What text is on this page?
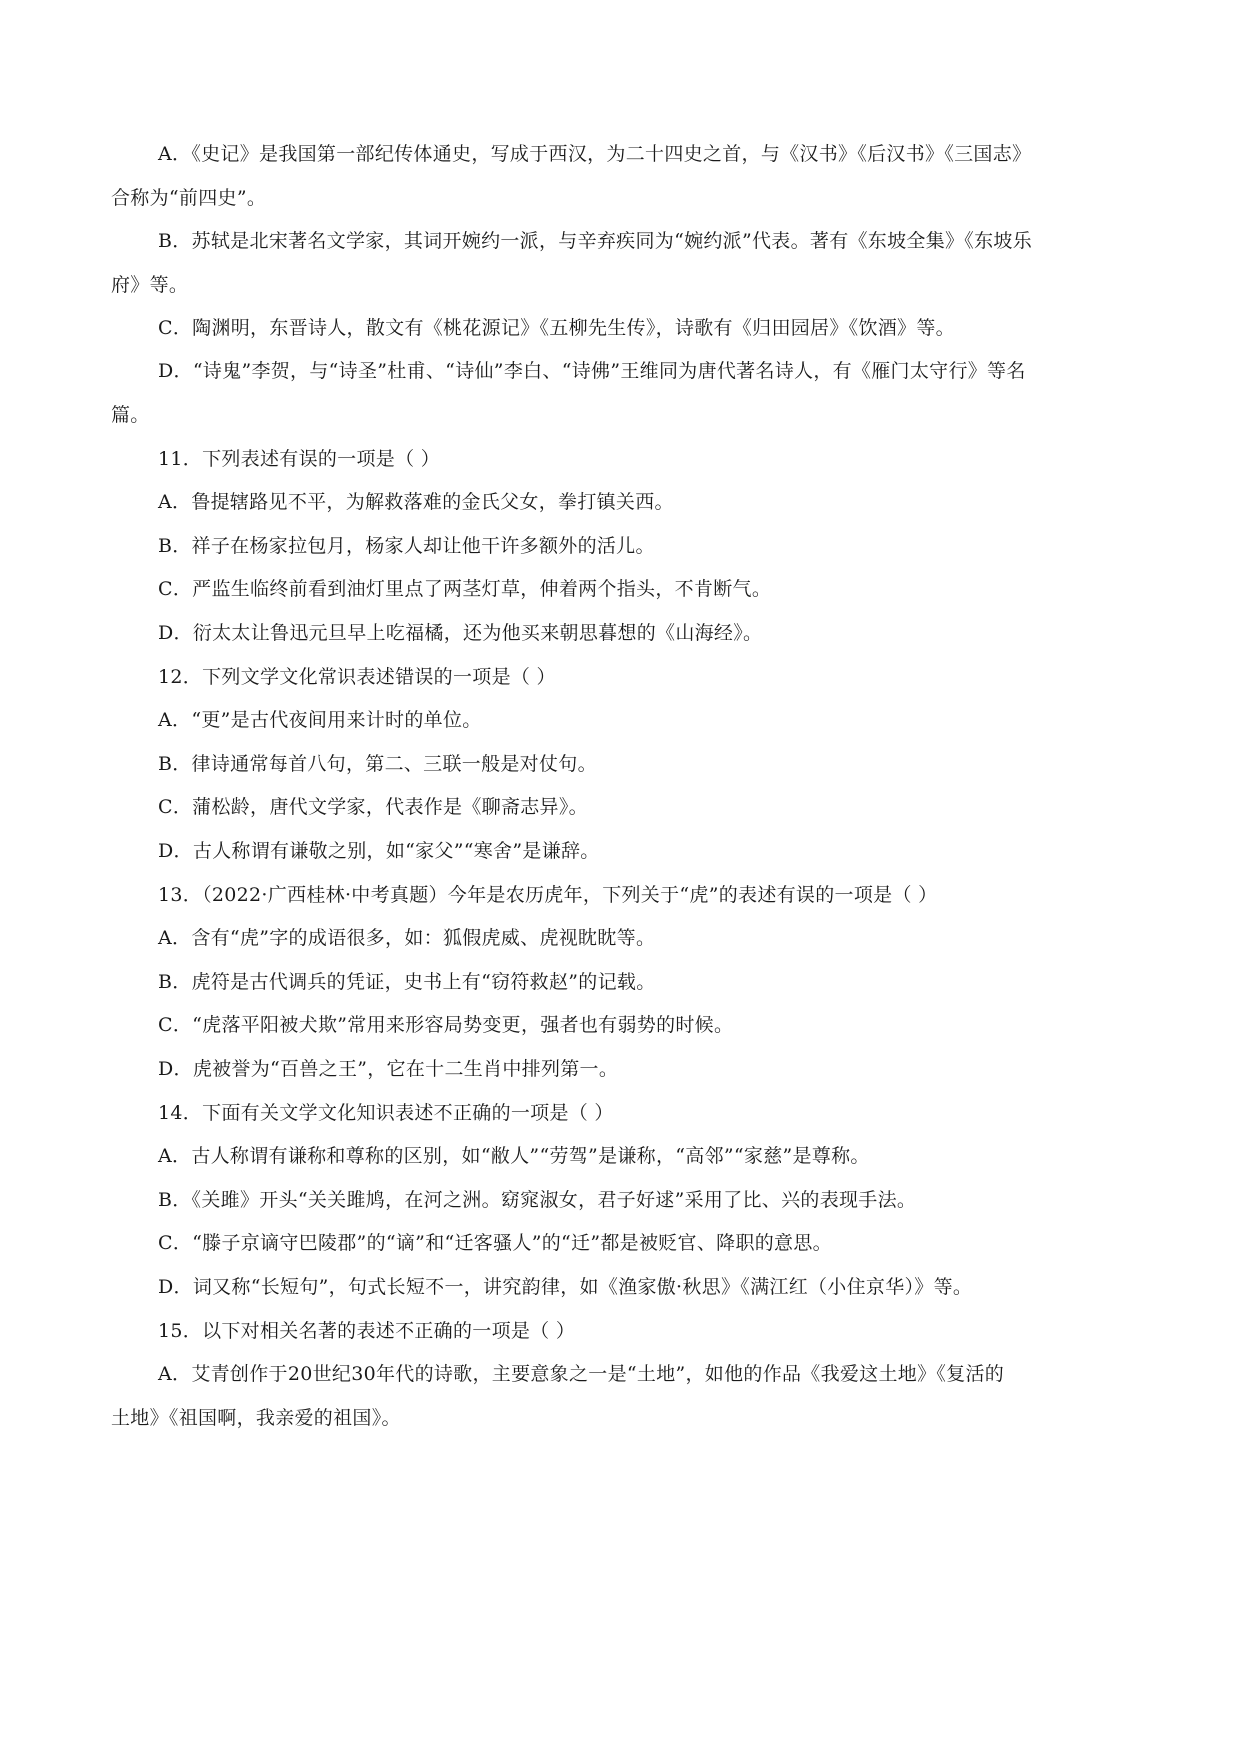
A．《史记》是我国第一部纪传体通史，写成于西汉，为二十四史之首，与《汉书》《后汉书》《三国志》
合称为“前四史”。
B．苏轼是北宋著名文学家，其词开婉约一派，与辛弃疾同为“婉约派”代表。著有《东坡全集》《东坡乐
府》等。
C．陶渊明，东晋诗人，散文有《桃花源记》《五柳先生传》，诗歌有《归田园居》《饮酒》等。
D．“诗鬼”李贺，与“诗圣”杜甫、“诗仙”李白、“诗佛”王维同为唐代著名诗人，有《雁门太守行》等名
篇。
11．下列表述有误的一项是（ ）
A．鲁提辖路见不平，为解救落难的金氏父女，拳打镇关西。
B．祥子在杨家拉包月，杨家人却让他干许多额外的活儿。
C．严监生临终前看到油灯里点了两茎灯草，伸着两个指头，不肯断气。
D．衍太太让鲁迅元旦早上吃福橘，还为他买来朝思暮想的《山海经》。
12．下列文学文化常识表述错误的一项是（ ）
A．“更”是古代夜间用来计时的单位。
B．律诗通常每首八句，第二、三联一般是对仗句。
C．蒲松龄，唐代文学家，代表作是《聊斋志异》。
D．古人称谓有谦敬之别，如“家父”“寒舍”是谦辞。
13．（2022·广西桂林·中考真题）今年是农历虎年，下列关于“虎”的表述有误的一项是（ ）
A．含有“虎”字的成语很多，如：狐假虎威、虎视眈眈等。
B．虎符是古代调兵的凭证，史书上有“窃符救赵”的记载。
C．“虎落平阳被犬欺”常用来形容局势变更，强者也有弱势的时候。
D．虎被誉为“百兽之王”，它在十二生肖中排列第一。
14．下面有关文学文化知识表述不正确的一项是（ ）
A．古人称谓有谦称和尊称的区别，如“敝人”“劳驾”是谦称，“高邻”“家慈”是尊称。
B．《关雎》开头“关关雎鸠，在河之洲。窈窕淑女，君子好逑”采用了比、兴的表现手法。
C．“滕子京谪守巴陵郡”的“谪”和“迁客骚人”的“迁”都是被贬官、降职的意思。
D．词又称“长短句”，句式长短不一，讲究韵律，如《渔家傲·秋思》《满江红（小住京华）》等。
15．以下对相关名著的表述不正确的一项是（ ）
A．艾青创作于20世纪30年代的诗歌，主要意象之一是“土地”，如他的作品《我爱这土地》《复活的
土地》《祖国啊，我亲爱的祖国》。
